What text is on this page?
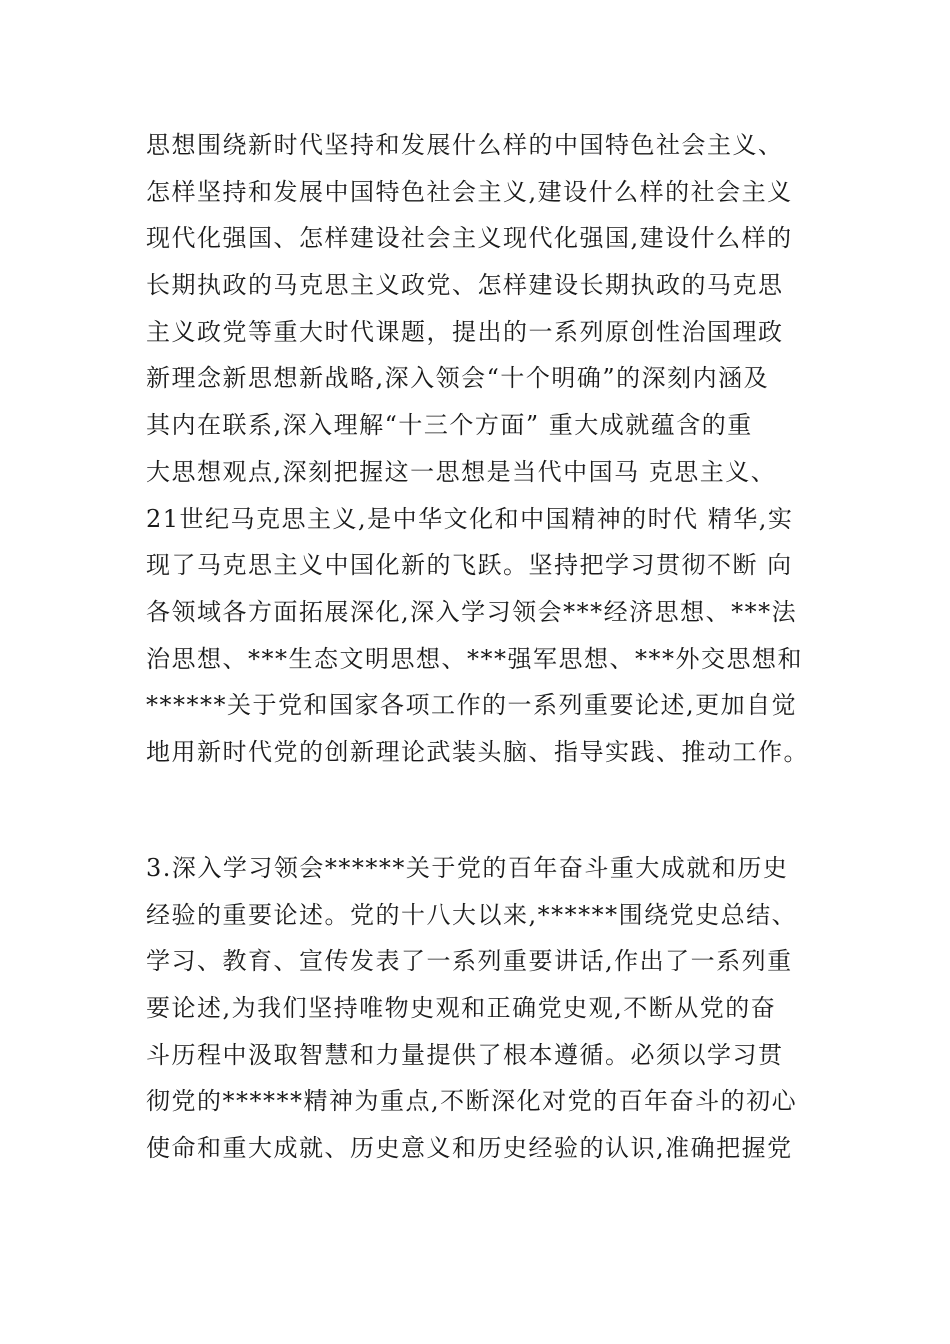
思想围绕新时代坚持和发展什么样的中国特色社会主义、
怎样坚持和发展中国特色社会主义,建设什么样的社会主义
现代化强国、怎样建设社会主义现代化强国,建设什么样的
长期执政的马克思主义政党、怎样建设长期执政的马克思
主义政党等重大时代课题，提出的一系列原创性治国理政
新理念新思想新战略,深入领会“十个明确”的深刻内涵及
其内在联系,深入理解“十三个方面” 重大成就蕴含的重
大思想观点,深刻把握这一思想是当代中国马 克思主义、
21世纪马克思主义,是中华文化和中国精神的时代 精华,实
现了马克思主义中国化新的飞跃。坚持把学习贯彻不断 向
各领域各方面拓展深化,深入学习领会***经济思想、***法
治思想、***生态文明思想、***强军思想、***外交思想和
******关于党和国家各项工作的一系列重要论述,更加自觉
地用新时代党的创新理论武装头脑、指导实践、推动工作。
3.深入学习领会******关于党的百年奋斗重大成就和历史
经验的重要论述。党的十八大以来,******围绕党史总结、
学习、教育、宣传发表了一系列重要讲话,作出了一系列重
要论述,为我们坚持唯物史观和正确党史观,不断从党的奋
斗历程中汲取智慧和力量提供了根本遵循。必须以学习贯
彻党的******精神为重点,不断深化对党的百年奋斗的初心
使命和重大成就、历史意义和历史经验的认识,准确把握党
